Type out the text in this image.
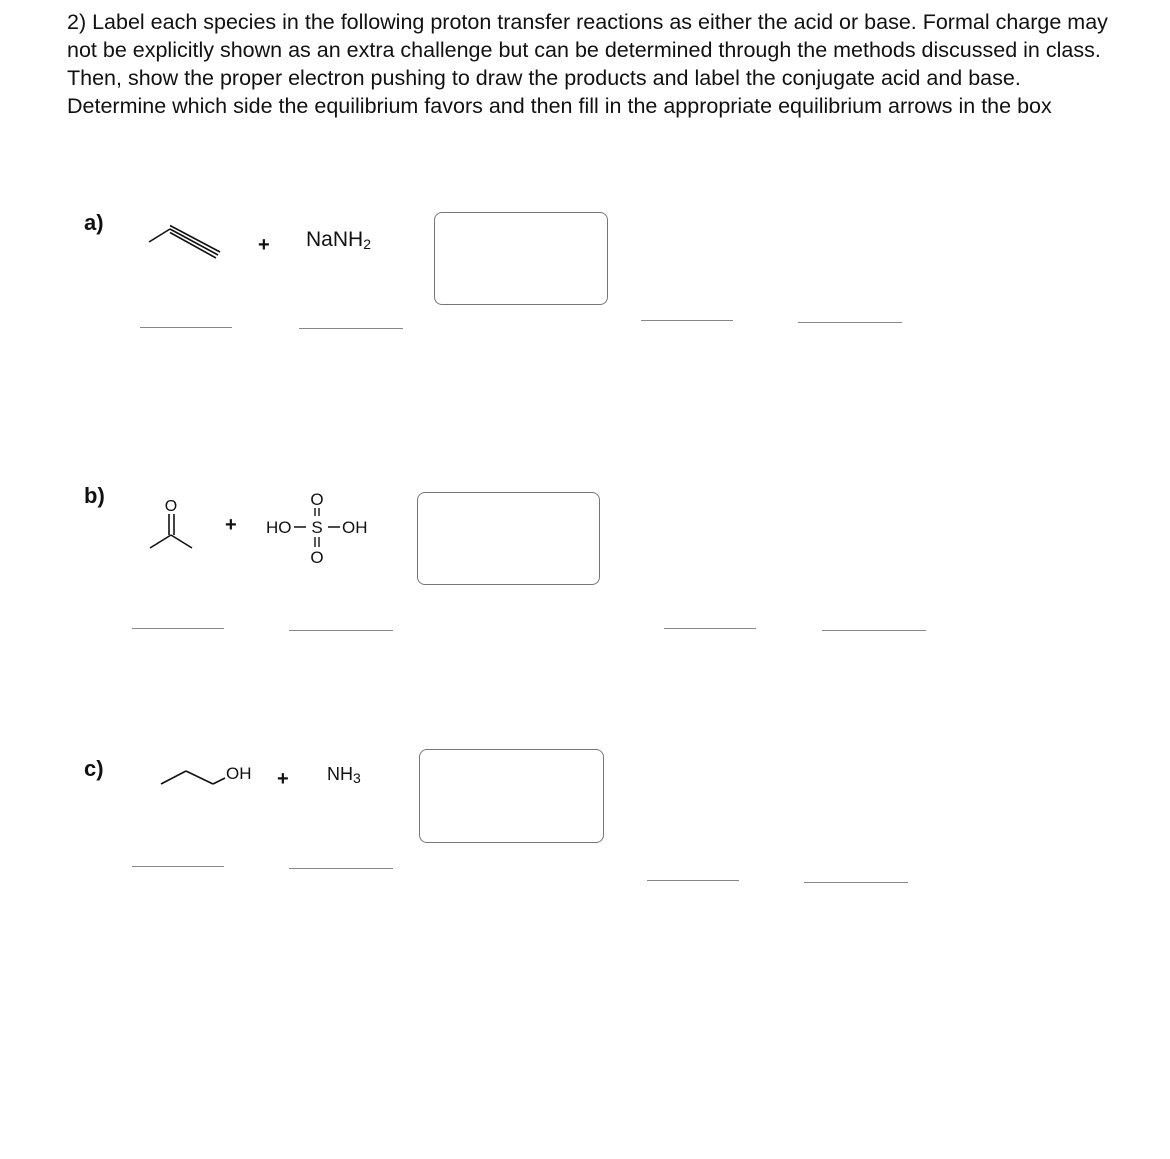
2) Label each species in the following proton transfer reactions as either the acid or base. Formal charge may not be explicitly shown as an extra challenge but can be determined through the methods discussed in class. Then, show the proper electron pushing to draw the products and label the conjugate acid and base. Determine which side the equilibrium favors and then fill in the appropriate equilibrium arrows in the box

a)
+ NaNH$_2$
b)	O
+
O
HO S OH
O
c)	OH + $NH_3$
